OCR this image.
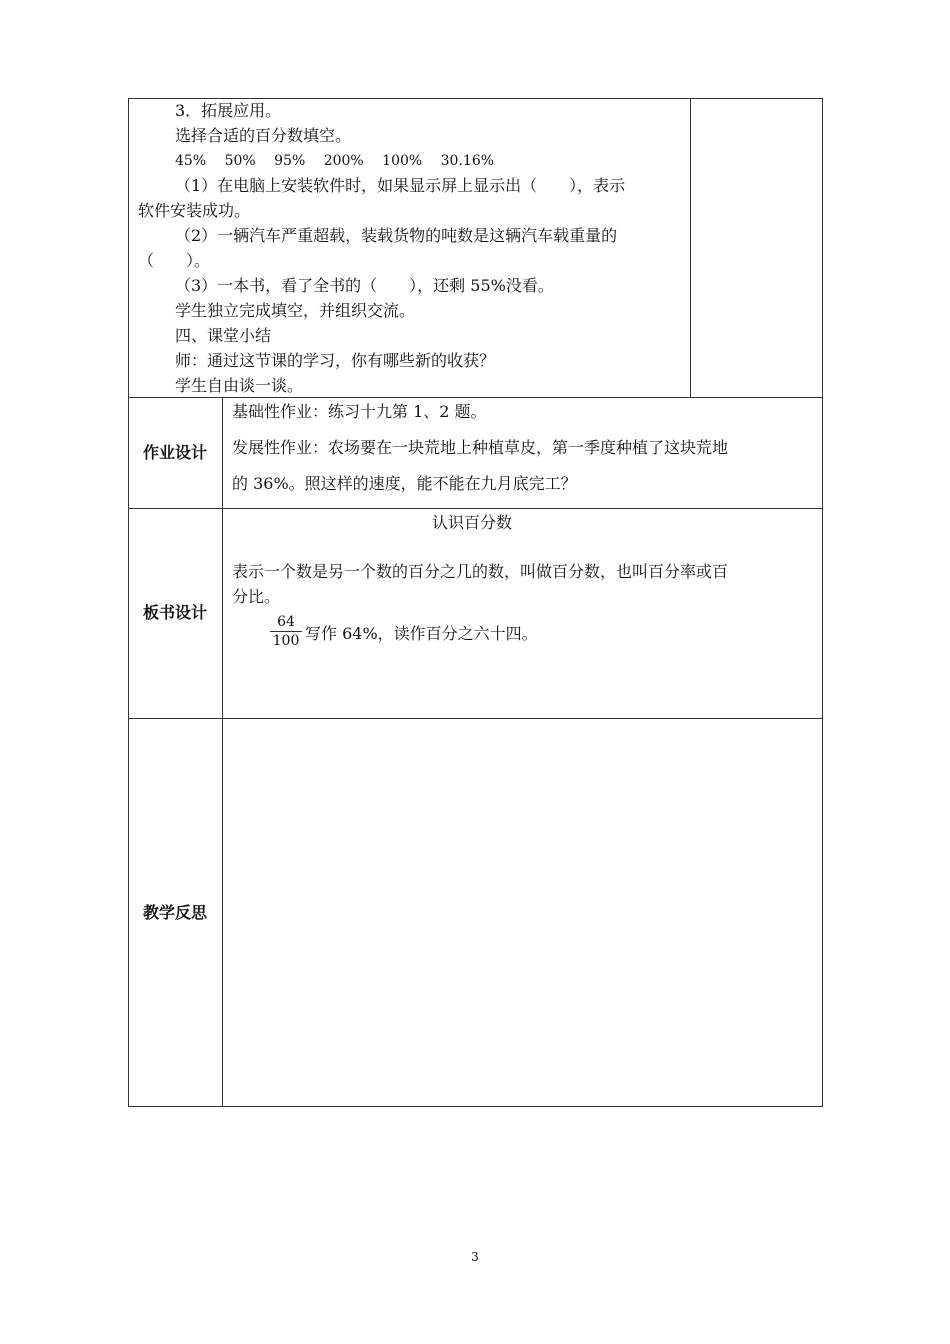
3．拓展应用。
选择合适的百分数填空。
45%　 50%　 95%　 200%　 100%　 30.16%
（1）在电脑上安装软件时，如果显示屏上显示出（　　），表示
软件安装成功。
（2）一辆汽车严重超载，装载货物的吨数是这辆汽车载重量的
（　　）。
（3）一本书，看了全书的（　　），还剩 55%没看。
学生独立完成填空，并组织交流。
四、课堂小结
师：通过这节课的学习，你有哪些新的收获？
学生自由谈一谈。
作业设计
基础性作业：练习十九第 1、2 题。
发展性作业：农场要在一块荒地上种植草皮，第一季度种植了这块荒地
的 36%。照这样的速度，能不能在九月底完工？
板书设计
认识百分数
表示一个数是另一个数的百分之几的数，叫做百分数，也叫百分率或百
分比。
64
100 写作 64%，读作百分之六十四。
教学反思
3
